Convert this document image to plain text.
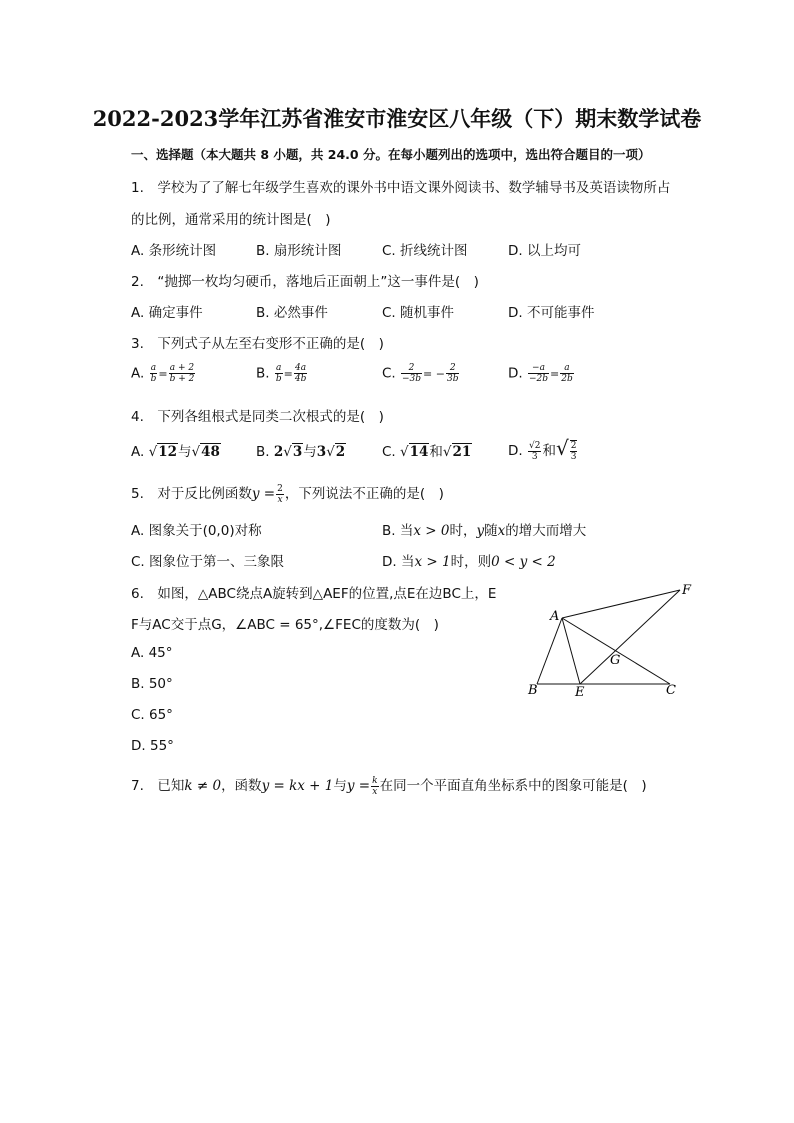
2022-2023学年江苏省淮安市淮安区八年级（下）期末数学试卷
一、选择题（本大题共 8 小题，共 24.0 分。在每小题列出的选项中，选出符合题目的一项）
1.　学校为了了解七年级学生喜欢的课外书中语文课外阅读书、数学辅导书及英语读物所占
的比例，通常采用的统计图是(　)
A. 条形统计图	B. 扇形统计图	C. 折线统计图	D. 以上均可
2.　“抛掷一枚均匀硬币，落地后正面朝上”这一事件是(　)
A. 确定事件	B. 必然事件	C. 随机事件	D. 不可能事件
3.　下列式子从左至右变形不正确的是(　)
A. $\frac{a}{b} = \frac{a + 2}{b + 2}$	B. $\frac{a}{b} = \frac{4a}{4b}$	C. $\frac{2}{-3b}$ = − $\frac{2}{3b}$	D. $\frac{-a}{-2b} = \frac{a}{2b}$
4.　下列各组根式是同类二次根式的是(　)
A. √12与√48	B. 2√3与3√2	C. √14和√21	D. $\frac{√2}{3}$ 和√ $\frac{2}{3}$
5.　对于反比例函数$y = \frac{2}{x}$ ，下列说法不正确的是(　)
A. 图象关于(0,0)对称	B. 当x > 0时，y随x的增大而增大
C. 图象位于第一、三象限	D. 当x > 1时，则0 < y < 2
6.　如图，△ABC绕点A旋转到△AEF的位置,点E在边BC上，E
F与AC交于点G，∠ABC = 65°,∠FEC的度数为(　)
A. 45°
B. 50°
C. 65°
D. 55°
A
B	C
E
F
G
7.　已知k ≠ 0，函数y = kx + 1与$y = \frac{k}{x}$ 在同一个平面直角坐标系中的图象可能是(　)
